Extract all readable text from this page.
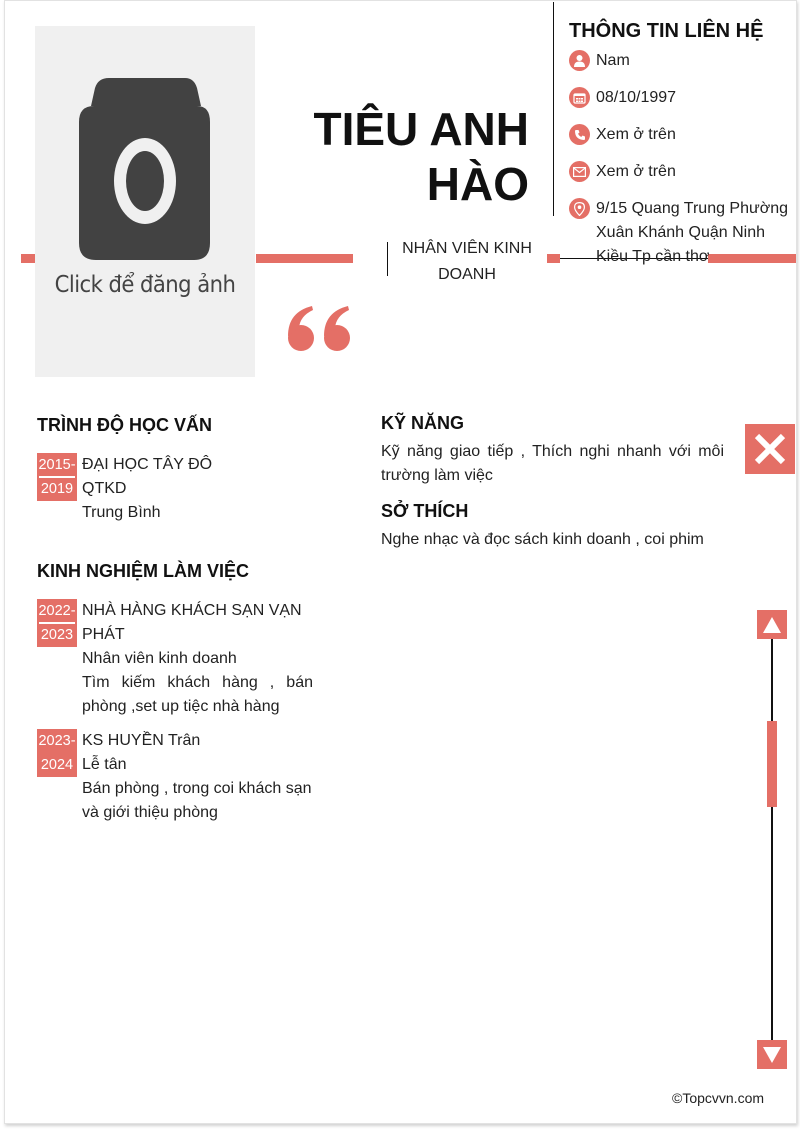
Click để đăng ảnh
TIÊU ANH
HÀO
NHÂN VIÊN KINH
DOANH
THÔNG TIN LIÊN HỆ
Nam
08/10/1997
Xem ở trên
Xem ở trên
9/15 Quang Trung Phường Xuân Khánh Quận Ninh Kiều Tp cần thơ
TRÌNH ĐỘ HỌC VẤN
2015-
2019
ĐẠI HỌC TÂY ĐÔ
QTKD
Trung Bình
KINH NGHIỆM LÀM VIỆC
2022-
2023
NHÀ HÀNG KHÁCH SẠN VẠN PHÁT
Nhân viên kinh doanh
Tìm kiếm khách hàng , bán phòng ,set up tiệc nhà hàng
2023-
2024
KS HUYỀN Trân
Lễ tân
Bán phòng , trong coi khách sạn và giới thiệu phòng
KỸ NĂNG
Kỹ năng giao tiếp , Thích nghi nhanh với môi trường làm việc
SỞ THÍCH
Nghe nhạc và đọc sách kinh doanh , coi phim
©Topcvvn.com
